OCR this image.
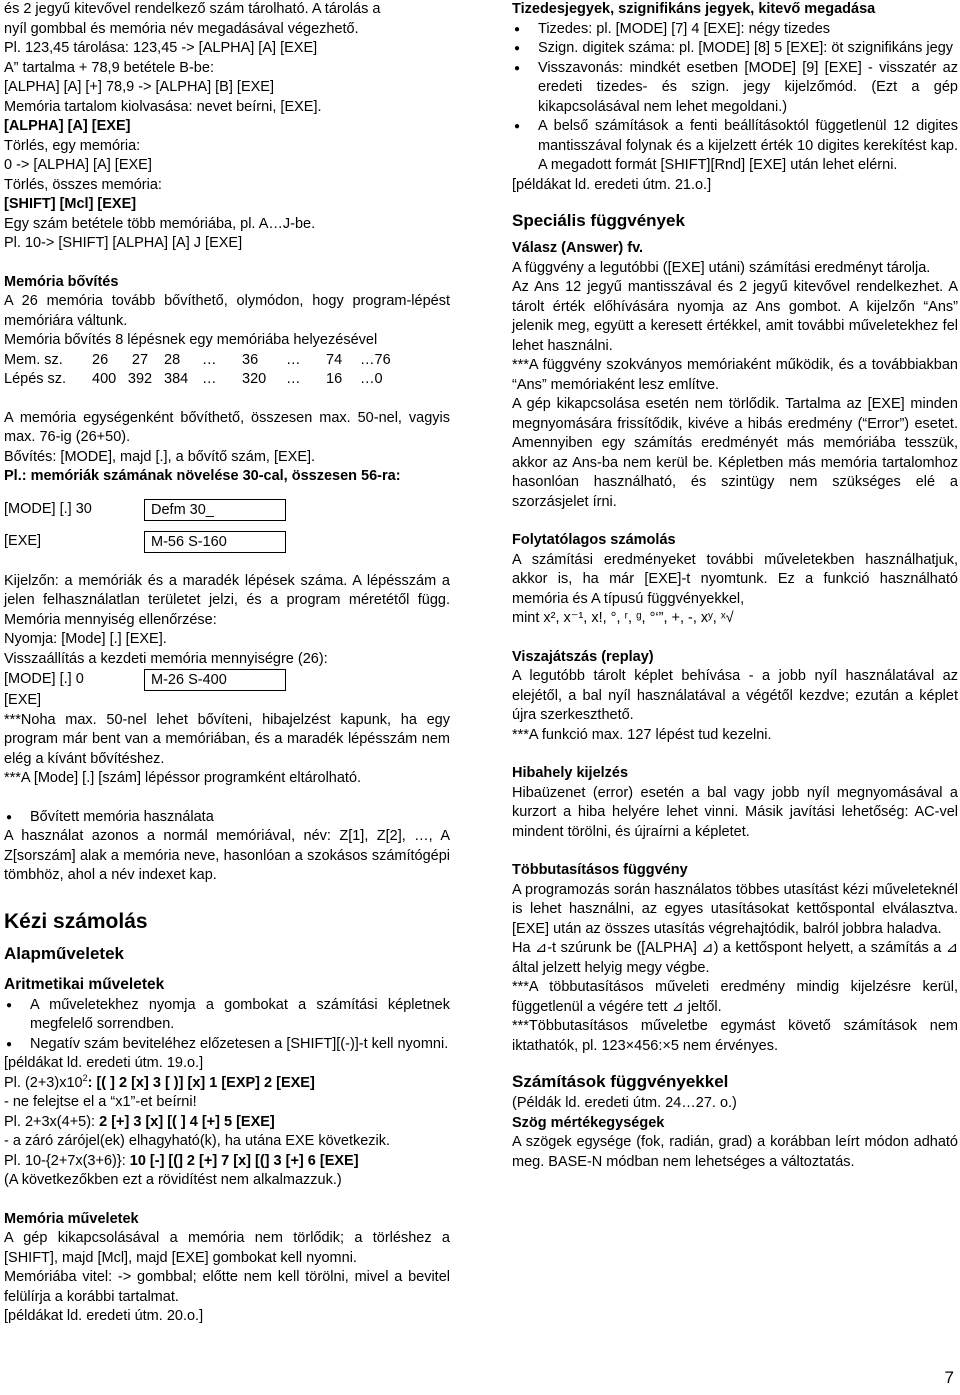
és 2 jegyű kitevővel rendelkező szám tárolható. A tárolás a

nyíl gombbal és memória név megadásával végezhető.

Pl. 123,45 tárolása: 123,45 -> [ALPHA] [A] [EXE]

A” tartalma + 78,9 betétele B-be:

[ALPHA] [A] [+] 78,9 -> [ALPHA] [B] [EXE]

Memória tartalom kiolvasása: nevet beírni, [EXE].

[ALPHA] [A] [EXE]

Törlés, egy memória:

0 -> [ALPHA] [A] [EXE]

Törlés, összes memória:

[SHIFT] [Mcl] [EXE]

Egy szám betétele több memóriába, pl. A…J-be.

Pl. 10-> [SHIFT] [ALPHA] [A] J [EXE]

Memória bővítés

A 26 memória tovább bővíthető, olymódon, hogy program-lépést memóriára váltunk.

Memória bővítés 8 lépésnek egy memóriába helyezésével

Mem. sz. 26 27 28 … 36 … 74 …76
Lépés sz. 400 392 384 … 320 … 16 …0

A memória egységenként bővíthető, összesen max. 50-nel, vagyis max. 76-ig (26+50).

Bővítés: [MODE], majd [.], a bővítő szám, [EXE].

Pl.: memóriák számának növelése 30-cal, összesen 56-ra:

[MODE] [.] 30	Defm 30_
[EXE]	M-56 S-160

Kijelzőn: a memóriák és a maradék lépések száma. A lépésszám a jelen felhasználatlan területet jelzi, és a program méretétől függ. Memória mennyiség ellenőrzése:

Nyomja: [Mode] [.] [EXE].

Visszaállítás a kezdeti memória mennyiségre (26):

[MODE] [.] 0	M-26 S-400

[EXE]

***Noha max. 50-nel lehet bővíteni, hibajelzést kapunk, ha egy program már bent van a memóriában, és a maradék lépésszám nem elég a kívánt bővítéshez.

***A [Mode] [.] [szám] lépéssor programként eltárolható.

● Bővített memória használata

A használat azonos a normál memóriával, név: Z[1], Z[2], …, A Z[sorszám] alak a memória neve, hasonlóan a szokásos számítógépi tömbhöz, ahol a név indexet kap.

Kézi számolás

Alapműveletek

Aritmetikai műveletek

● A műveletekhez nyomja a gombokat a számítási képletnek megfelelő sorrendben.

● Negatív szám beviteléhez előzetesen a [SHIFT][(-)]-t kell nyomni.

[példákat ld. eredeti útm. 19.o.]

Pl. $(2+3)x10^2$: [( ] 2 [x] 3 [ )] [x] 1 [EXP] 2 [EXE]

- ne felejtse el a “x1”-et beírni!

Pl. 2+3x(4+5): 2 [+] 3 [x] [( ] 4 [+] 5 [EXE]

- a záró zárójel(ek) elhagyható(k), ha utána EXE következik.

Pl. 10-{2+7x(3+6)}: 10 [-] [(] 2 [+] 7 [x] [(] 3 [+] 6 [EXE]

(A következőkben ezt a rövidítést nem alkalmazzuk.)

Memória műveletek

A gép kikapcsolásával a memória nem törlődik; a törléshez a [SHIFT], majd [Mcl], majd [EXE] gombokat kell nyomni.

Memóriába vitel: -> gombbal; előtte nem kell törölni, mivel a bevitel felülírja a korábbi tartalmat.

[példákat ld. eredeti útm. 20.o.]

Tizedesjegyek, szignifikáns jegyek, kitevő megadása

● Tizedes: pl. [MODE] [7] 4 [EXE]: négy tizedes

● Szign. digitek száma: pl. [MODE] [8] 5 [EXE]: öt szignifikáns jegy

● Visszavonás: mindkét esetben [MODE] [9] [EXE] - visszatér az eredeti tizedes- és szign. jegy kijelzőmód. (Ezt a gép kikapcsolásával nem lehet megoldani.)

● A belső számítások a fenti beállításoktól függetlenül 12 digites mantisszával folynak és a kijelzett érték 10 digites kerekítést kap. A megadott formát [SHIFT][Rnd] [EXE] után lehet elérni.

[példákat ld. eredeti útm. 21.o.]

Speciális függvények

Válasz (Answer) fv.

A függvény a legutóbbi ([EXE] utáni) számítási eredményt tárolja.

Az Ans 12 jegyű mantisszával és 2 jegyű kitevővel rendelkezhet. A tárolt érték előhívására nyomja az Ans gombot. A kijelzőn “Ans” jelenik meg, együtt a keresett értékkel, amit további műveletekhez fel lehet használni.

***A függvény szokványos memóriaként működik, és a továbbiakban “Ans” memóriaként lesz említve.

A gép kikapcsolása esetén nem törlődik. Tartalma az [EXE] minden megnyomására frissítődik, kivéve a hibás eredmény (“Error”) esetet. Amennyiben egy számítás eredményét más memóriába tesszük, akkor az Ans-ba nem kerül be. Képletben más memória tartalomhoz hasonlóan használható, és szintügy nem szükséges elé a szorzásjelet írni.

Folytatólagos számolás

A számítási eredményeket további műveletekben használhatjuk, akkor is, ha már [EXE]-t nyomtunk. Ez a funkció használható memória és A típusú függvényekkel,

mint x², x⁻¹, x!, °, ʳ, ᵍ, °‘”, +, -, xʸ, ˣ√

Viszajátszás (replay)

A legutóbb tárolt képlet behívása - a jobb nyíl használatával az elejétől, a bal nyíl használatával a végétől kezdve; ezután a képlet újra szerkeszthető.

***A funkció max. 127 lépést tud kezelni.

Hibahely kijelzés

Hibaüzenet (error) esetén a bal vagy jobb nyíl megnyomásával a kurzort a hiba helyére lehet vinni. Másik javítási lehetőség: AC-vel mindent törölni, és újraírni a képletet.

Többutasításos függvény

A programozás során használatos többes utasítást kézi műveleteknél is lehet használni, az egyes utasításokat kettőspontal elválasztva. [EXE] után az összes utasítás végrehajtódik, balról jobbra haladva.

Ha ⊿-t szúrunk be ([ALPHA] ⊿) a kettőspont helyett, a számítás a ⊿ által jelzett helyig megy végbe.

***A többutasításos műveleti eredmény mindig kijelzésre kerül, függetlenül a végére tett ⊿ jeltől.

***Többutasításos műveletbe egymást követő számítások nem iktathatók, pl. 123×456:×5 nem érvényes.

Számítások függvényekkel

(Példák ld. eredeti útm. 24…27. o.)

Szög mértékegységek

A szögek egysége (fok, radián, grad) a korábban leírt módon adható meg. BASE-N módban nem lehetséges a változtatás.

7
